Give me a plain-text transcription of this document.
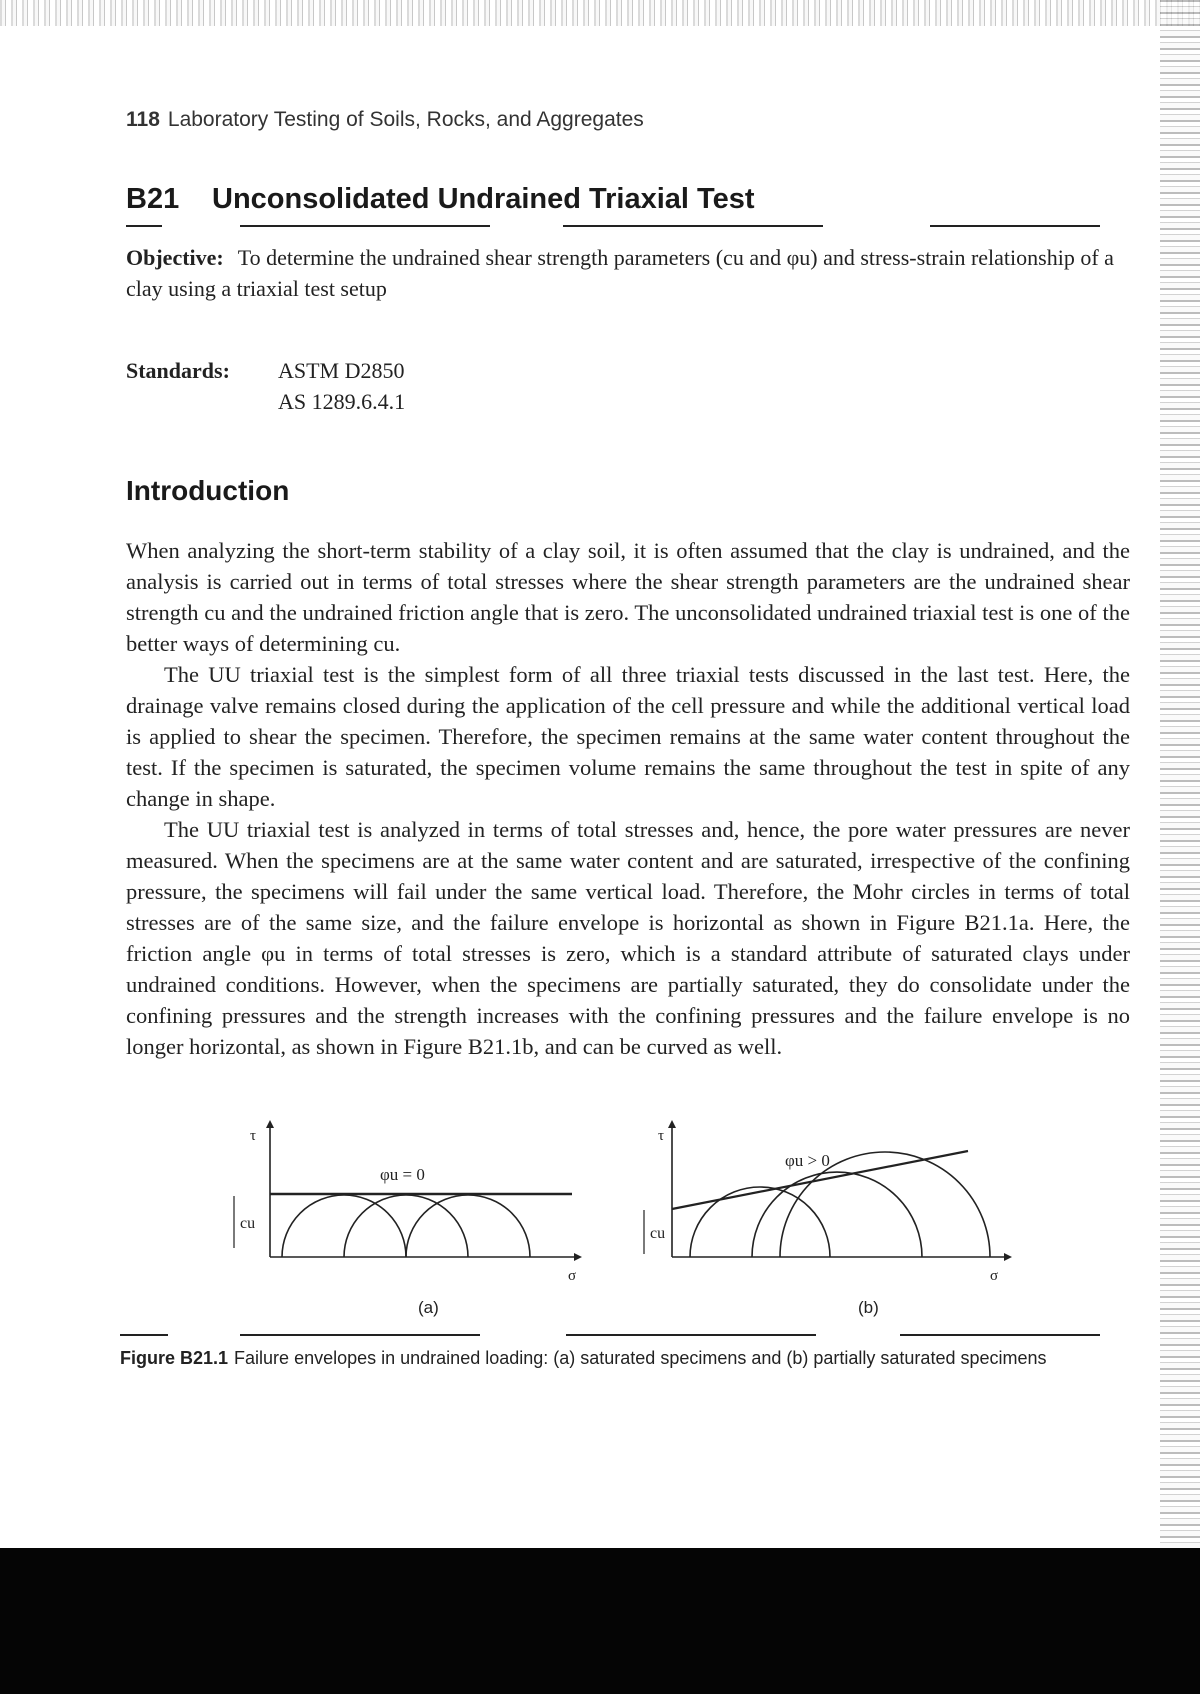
118 Laboratory Testing of Soils, Rocks, and Aggregates
B21 Unconsolidated Undrained Triaxial Test
Objective: To determine the undrained shear strength parameters (cu and φu) and stress-strain relationship of a clay using a triaxial test setup
Standards: ASTM D2850
AS 1289.6.4.1
Introduction

When analyzing the short-term stability of a clay soil, it is often assumed that the clay is undrained, and the analysis is carried out in terms of total stresses where the shear strength parameters are the undrained shear strength cu and the undrained friction angle that is zero. The unconsolidated undrained triaxial test is one of the better ways of determining cu.

The UU triaxial test is the simplest form of all three triaxial tests discussed in the last test. Here, the drainage valve remains closed during the application of the cell pressure and while the additional vertical load is applied to shear the specimen. Therefore, the specimen remains at the same water content throughout the test. If the specimen is saturated, the specimen volume remains the same throughout the test in spite of any change in shape.

The UU triaxial test is analyzed in terms of total stresses and, hence, the pore water pressures are never measured. When the specimens are at the same water content and are saturated, irrespective of the confining pressure, the specimens will fail under the same vertical load. Therefore, the Mohr circles in terms of total stresses are of the same size, and the failure envelope is horizontal as shown in Figure B21.1a. Here, the friction angle φu in terms of total stresses is zero, which is a standard attribute of saturated clays under undrained conditions. However, when the specimens are partially saturated, they do consolidate under the confining pressures and the strength increases with the confining pressures and the failure envelope is no longer horizontal, as shown in Figure B21.1b, and can be curved as well.

φu = 0
cu
σ
τ
φu > 0
cu
σ
τ
(a)	(b)
Figure B21.1 Failure envelopes in undrained loading: (a) saturated specimens and (b) partially saturated specimens
